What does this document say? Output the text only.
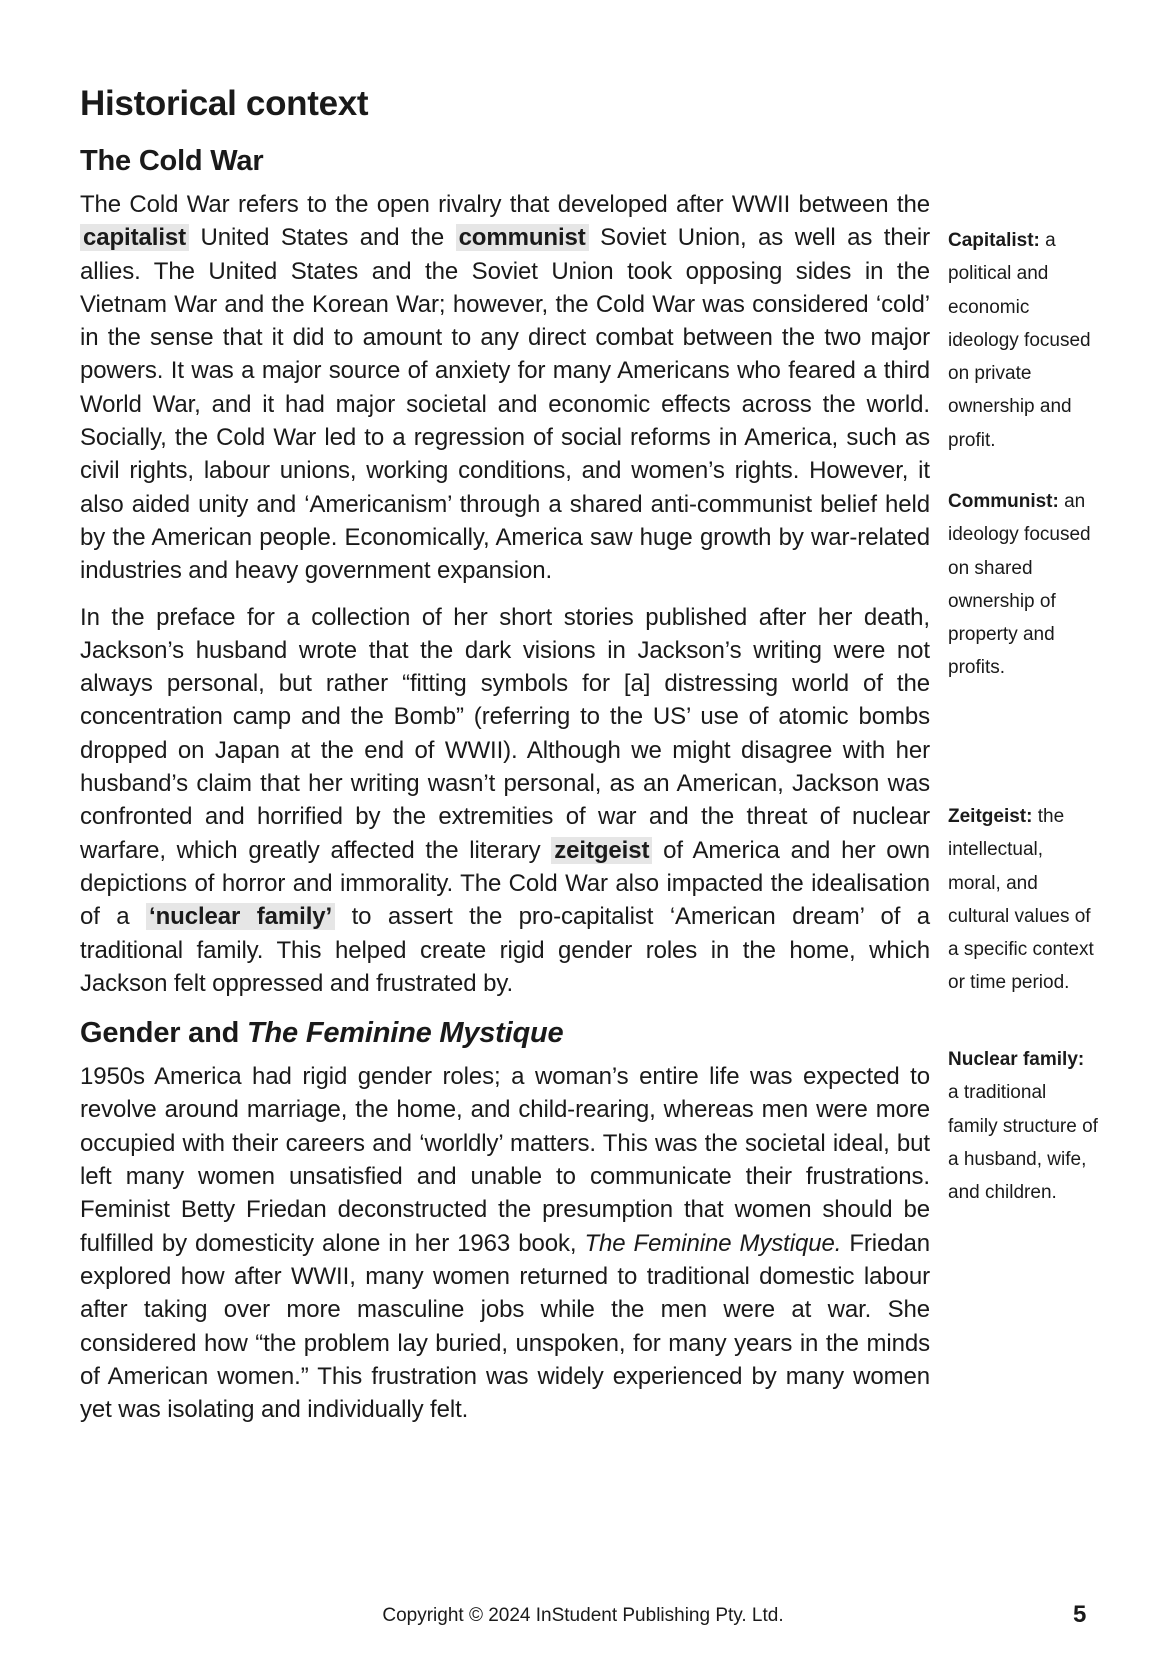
Historical context
The Cold War

The Cold War refers to the open rivalry that developed after WWII between the capitalist United States and the communist Soviet Union, as well as their allies. The United States and the Soviet Union took opposing sides in the Vietnam War and the Korean War; however, the Cold War was considered ‘cold’ in the sense that it did to amount to any direct combat between the two major powers. It was a major source of anxiety for many Americans who feared a third World War, and it had major societal and economic effects across the world. Socially, the Cold War led to a regression of social reforms in America, such as civil rights, labour unions, working conditions, and women’s rights. However, it also aided unity and ‘Americanism’ through a shared anti-communist belief held by the American people. Economically, America saw huge growth by war-related industries and heavy government expansion.

In the preface for a collection of her short stories published after her death, Jackson’s husband wrote that the dark visions in Jackson’s writing were not always personal, but rather “fitting symbols for [a] distressing world of the concentration camp and the Bomb” (referring to the US’ use of atomic bombs dropped on Japan at the end of WWII). Although we might disagree with her husband’s claim that her writing wasn’t personal, as an American, Jackson was confronted and horrified by the extremities of war and the threat of nuclear warfare, which greatly affected the literary zeitgeist of America and her own depictions of horror and immorality. The Cold War also impacted the idealisation of a ‘nuclear family’ to assert the pro-capitalist ‘American dream’ of a traditional family. This helped create rigid gender roles in the home, which Jackson felt oppressed and frustrated by.

Gender and The Feminine Mystique

1950s America had rigid gender roles; a woman’s entire life was expected to revolve around marriage, the home, and child-rearing, whereas men were more occupied with their careers and ‘worldly’ matters. This was the societal ideal, but left many women unsatisfied and unable to communicate their frustrations. Feminist Betty Friedan deconstructed the presumption that women should be fulfilled by domesticity alone in her 1963 book, The Feminine Mystique. Friedan explored how after WWII, many women returned to traditional domestic labour after taking over more masculine jobs while the men were at war. She considered how “the problem lay buried, unspoken, for many years in the minds of American women.” This frustration was widely experienced by many women yet was isolating and individually felt.

Capitalist: a political and economic ideology focused on private ownership and profit.
Communist: an ideology focused on shared ownership of property and profits.
Zeitgeist: the intellectual, moral, and cultural values of a specific context or time period.
Nuclear family: a traditional family structure of a husband, wife, and children.
Copyright © 2024 InStudent Publishing Pty. Ltd.	5
